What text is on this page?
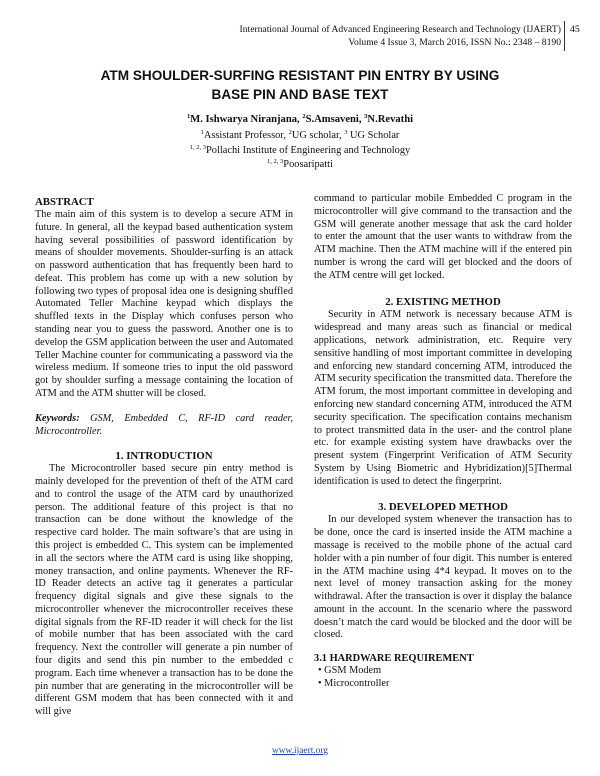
International Journal of Advanced Engineering Research and Technology (IJAERT)
Volume 4 Issue 3, March 2016, ISSN No.: 2348 – 8190
45
ATM SHOULDER-SURFING RESISTANT PIN ENTRY BY USING
BASE PIN AND BASE TEXT
$^1$M. Ishwarya Niranjana, $^2$S.Amsaveni, $^3$N.Revathi
$^1$Assistant Professor, $^2$UG scholar, $^3$ UG Scholar
$^{1, 2, 3}$Pollachi Institute of Engineering and Technology
$^{1, 2, 3}$Poosaripatti

ABSTRACT

The main aim of this system is to develop a secure ATM in future. In general, all the keypad based authentication system having several possibilities of password identification by means of shoulder movements. Shoulder-surfing is an attack on password authentication that has frequently been hard to defeat. This problem has come up with a new solution by following two types of proposal idea one is designing shuffled Automated Teller Machine keypad which displays the shuffled texts in the Display which confuses person who standing near you to guess the password. Another one is to develop the GSM application between the user and Automated Teller Machine counter for communicating a password via the wireless medium. If someone tries to input the old password got by shoulder surfing a message containing the location of ATM and the ATM shutter will be closed.

Keywords: GSM, Embedded C, RF-ID card reader, Microcontroller.

1. INTRODUCTION

The Microcontroller based secure pin entry method is mainly developed for the prevention of theft of the ATM card and to control the usage of the ATM card by unauthorized person. The additional feature of this project is that no transaction can be done without the knowledge of the respective card holder. The main software’s that are using in this project is embedded C. This system can be implemented in all the sectors where the ATM card is using like shopping, money transaction, and online payments. Whenever the RF-ID Reader detects an active tag it generates a particular frequency digital signals and give these signals to the microcontroller whenever the microcontroller receives these digital signals from the RF-ID reader it will check for the list of mobile number that has been associated with the card frequency. Next the controller will generate a pin number of four digits and send this pin number to the embedded c program. Each time whenever a transaction has to be done the pin number that are generating in the microcontroller will be different GSM modem that has been connected with it and will give

command to particular mobile Embedded C program in the microcontroller will give command to the transaction and the GSM will generate another message that ask the card holder to enter the amount that the user wants to withdraw from the ATM machine. Then the ATM machine will if the entered pin number is wrong the card will get blocked and the doors of the ATM centre will get locked.

2. EXISTING METHOD

Security in ATM network is necessary because ATM is widespread and many areas such as financial or medical applications, network administration, etc. Require very sensitive handling of most important committee in developing and enforcing new standard concerning ATM, introduced the ATM security specification the transmitted data. Therefore the ATM forum, the most important committee in developing and enforcing new standard concerning ATM, introduced the ATM security specification. The specification contains mechanism to protect transmitted data in the user- and the control plane etc. for example existing system have drawbacks over the present system (Fingerprint Verification of ATM Security System by Using Biometric and Hybridization)[5]Thermal identification is used to detect the fingerprint.

3. DEVELOPED METHOD

In our developed system whenever the transaction has to be done, once the card is inserted inside the ATM machine a massage is received to the mobile phone of the actual card holder with a pin number of four digit. This number is entered in the ATM machine using 4*4 keypad. It moves on to the next level of money transaction asking for the money withdrawal. After the transaction is over it display the balance amount in the account. In the scenario where the password doesn’t match the card would be blocked and the door will be closed.

3.1 HARDWARE REQUIREMENT

• GSM Modem
• Microcontroller
www.ijaert.org
